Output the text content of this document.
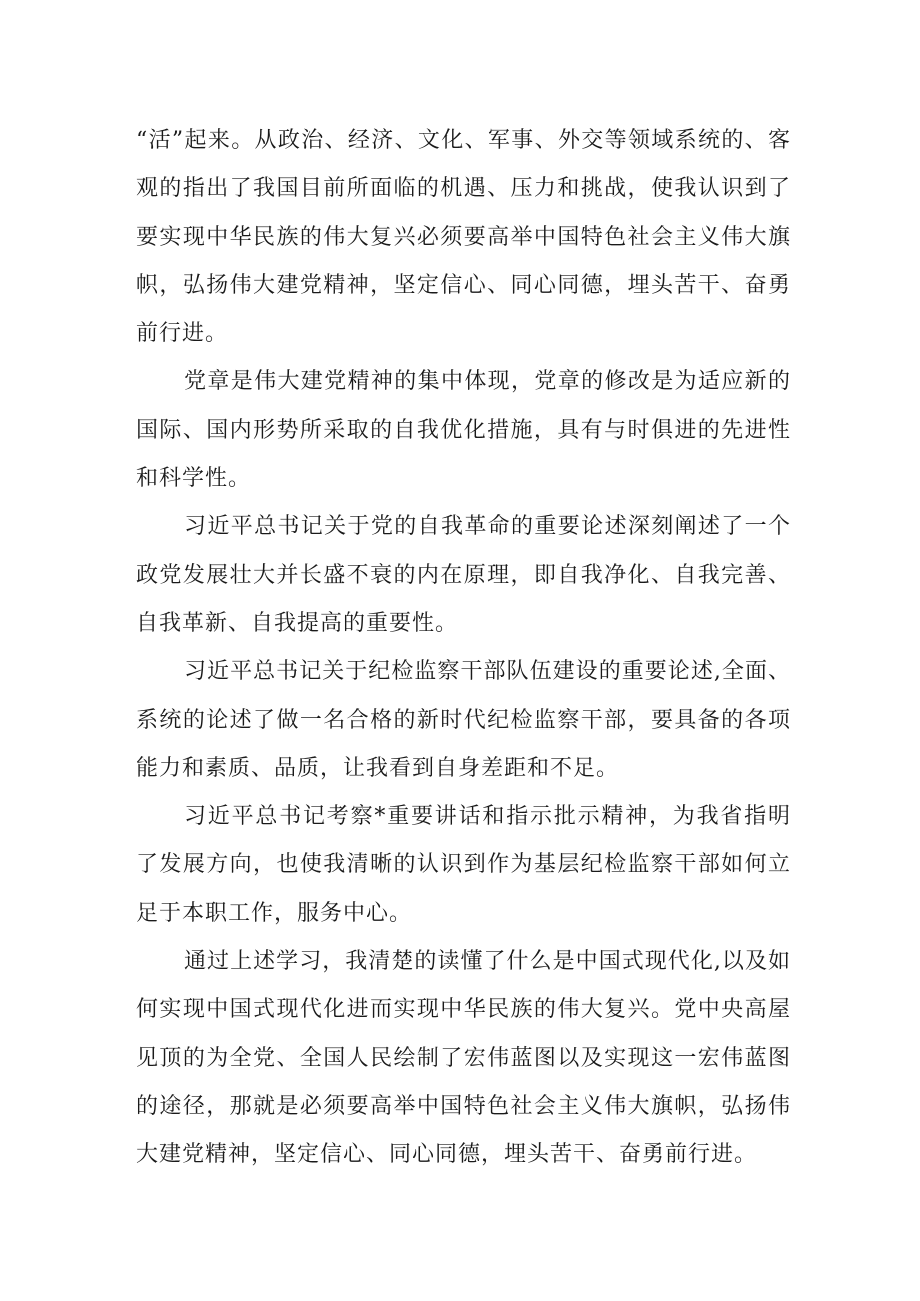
“活”起来。从政治、经济、文化、军事、外交等领域系统的、客观的指出了我国目前所面临的机遇、压力和挑战，使我认识到了要实现中华民族的伟大复兴必须要高举中国特色社会主义伟大旗帜，弘扬伟大建党精神，坚定信心、同心同德，埋头苦干、奋勇前行进。

党章是伟大建党精神的集中体现，党章的修改是为适应新的国际、国内形势所采取的自我优化措施，具有与时俱进的先进性和科学性。

习近平总书记关于党的自我革命的重要论述深刻阐述了一个政党发展壮大并长盛不衰的内在原理，即自我净化、自我完善、自我革新、自我提高的重要性。

习近平总书记关于纪检监察干部队伍建设的重要论述,全面、系统的论述了做一名合格的新时代纪检监察干部，要具备的各项能力和素质、品质，让我看到自身差距和不足。

习近平总书记考察*重要讲话和指示批示精神，为我省指明了发展方向，也使我清晰的认识到作为基层纪检监察干部如何立足于本职工作，服务中心。

通过上述学习，我清楚的读懂了什么是中国式现代化,以及如何实现中国式现代化进而实现中华民族的伟大复兴。党中央高屋见顶的为全党、全国人民绘制了宏伟蓝图以及实现这一宏伟蓝图的途径，那就是必须要高举中国特色社会主义伟大旗帜，弘扬伟大建党精神，坚定信心、同心同德，埋头苦干、奋勇前行进。
